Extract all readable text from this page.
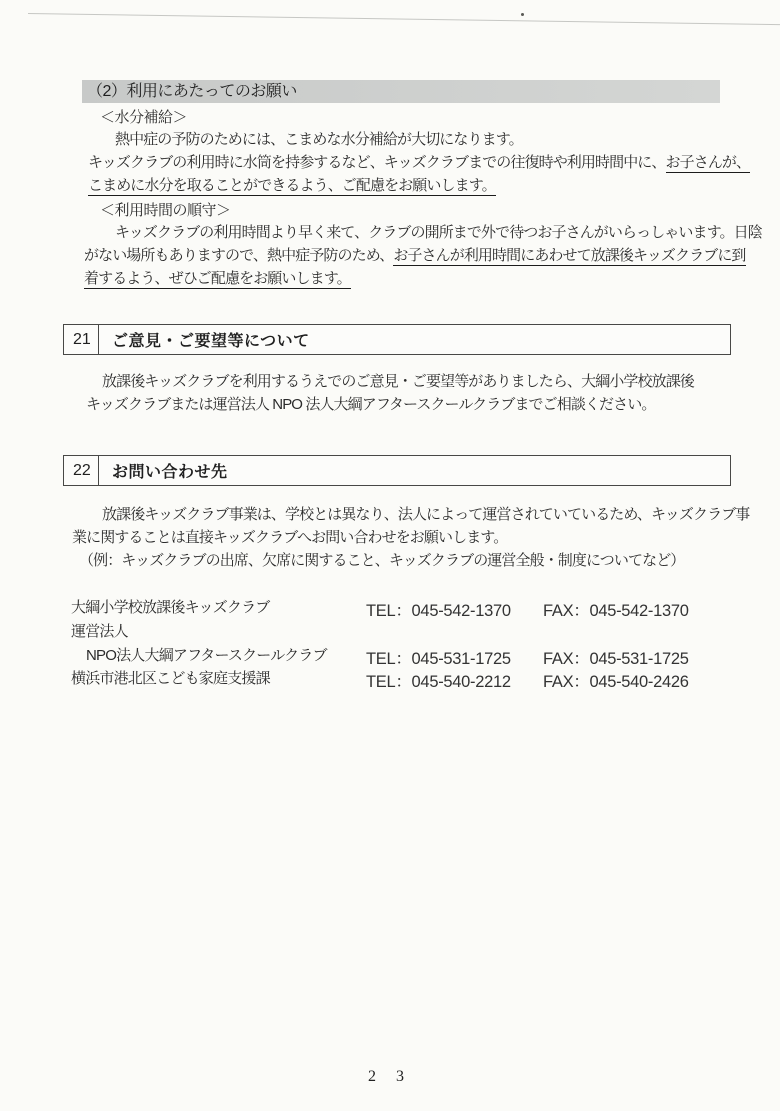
（2）利用にあたってのお願い
＜水分補給＞
熱中症の予防のためには、こまめな水分補給が大切になります。
キッズクラブの利用時に水筒を持参するなど、キッズクラブまでの往復時や利用時間中に、お子さんが、
こまめに水分を取ることができるよう、ご配慮をお願いします。
＜利用時間の順守＞
キッズクラブの利用時間より早く来て、クラブの開所まで外で待つお子さんがいらっしゃいます。日陰
がない場所もありますので、熱中症予防のため、お子さんが利用時間にあわせて放課後キッズクラブに到
着するよう、ぜひご配慮をお願いします。
21	ご意見・ご要望等について
放課後キッズクラブを利用するうえでのご意見・ご要望等がありましたら、大綱小学校放課後
キッズクラブまたは運営法人 NPO 法人大綱アフタースクールクラブまでご相談ください。
22	お問い合わせ先
放課後キッズクラブ事業は、学校とは異なり、法人によって運営されていているため、キッズクラブ事
業に関することは直接キッズクラブへお問い合わせをお願いします。
（例：キッズクラブの出席、欠席に関すること、キッズクラブの運営全般・制度についてなど）
大綱小学校放課後キッズクラブ	TEL：045-542-1370 FAX：045-542-1370
運営法人
NPO法人大綱アフタースクールクラブ TEL：045-531-1725 FAX：045-531-1725
横浜市港北区こども家庭支援課	TEL：045-540-2212 FAX：045-540-2426
2 3
